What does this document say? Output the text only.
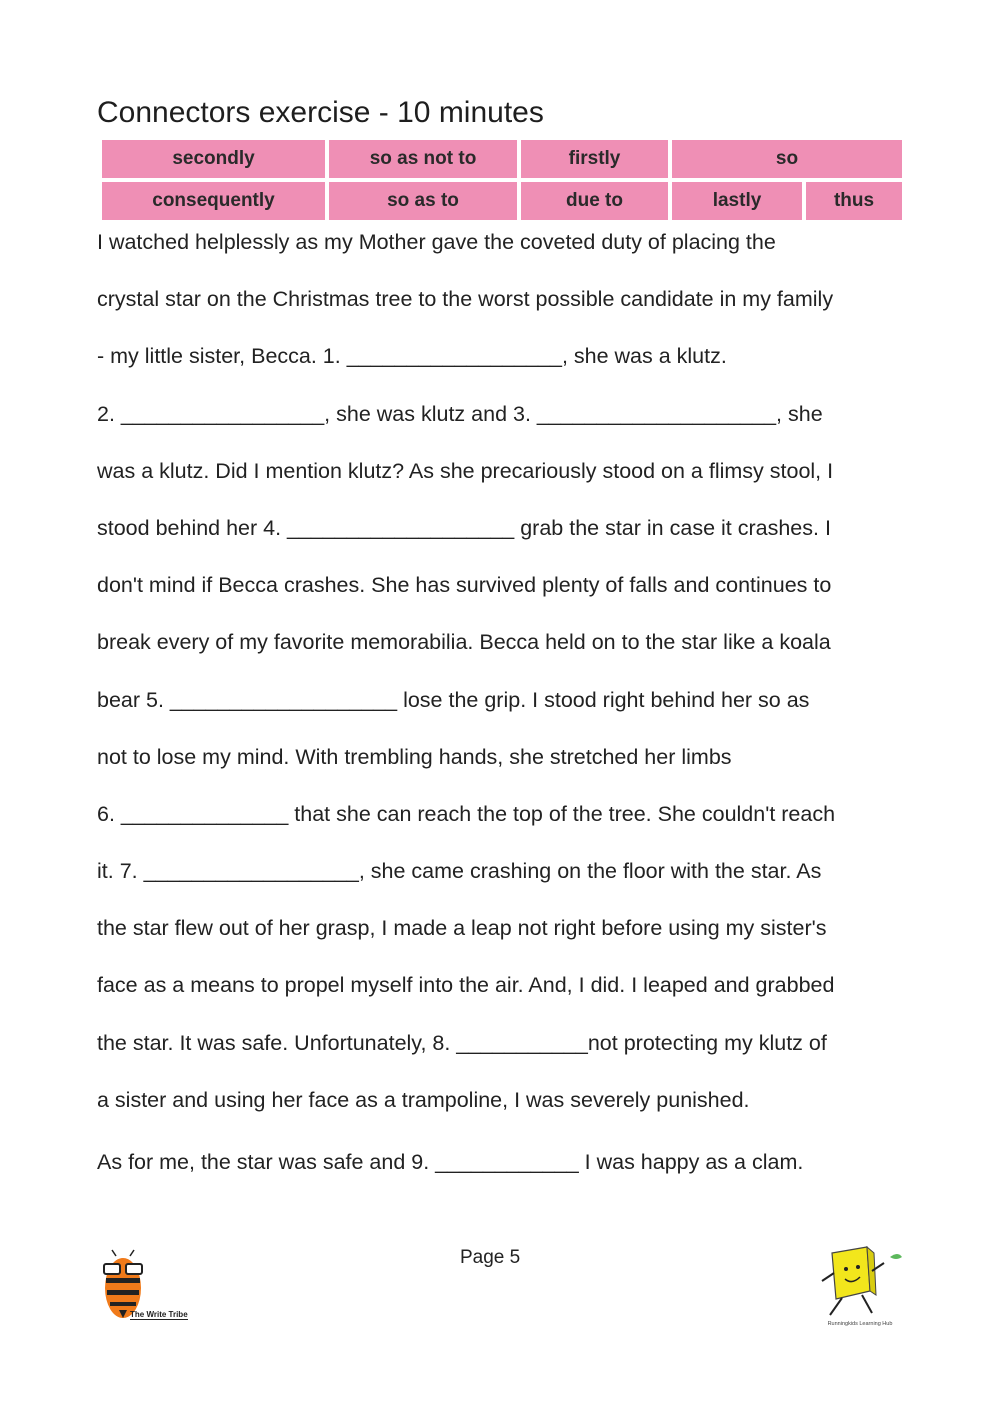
Connectors exercise - 10 minutes
secondly	so as not to	firstly	so	
consequently	so as to	due to	lastly	thus
I watched helplessly as my Mother gave the coveted duty of placing the
crystal star on the Christmas tree to the worst possible candidate in my family
- my little sister, Becca. 1. __________________, she was a klutz.
2. _________________, she was klutz and 3. ____________________, she
was a klutz. Did I mention klutz? As she precariously stood on a flimsy stool, I
stood behind her 4. ___________________ grab the star in case it crashes. I
don't mind if Becca crashes. She has survived plenty of falls and continues to
break every of my favorite memorabilia. Becca held on to the star like a koala
bear 5. ___________________ lose the grip. I stood right behind her so as
not to lose my mind. With trembling hands, she stretched her limbs
6. ______________ that she can reach the top of the tree. She couldn't reach
it. 7. __________________, she came crashing on the floor with the star. As
the star flew out of her grasp, I made a leap not right before using my sister's
face as a means to propel myself into the air. And, I did. I leaped and grabbed
the star. It was safe. Unfortunately, 8. ___________not protecting my klutz of
a sister and using her face as a trampoline, I was severely punished.
As for me, the star was safe and 9. ____________ I was happy as a clam.
Page 5
The Write Tribe
Runningkids Learning Hub
